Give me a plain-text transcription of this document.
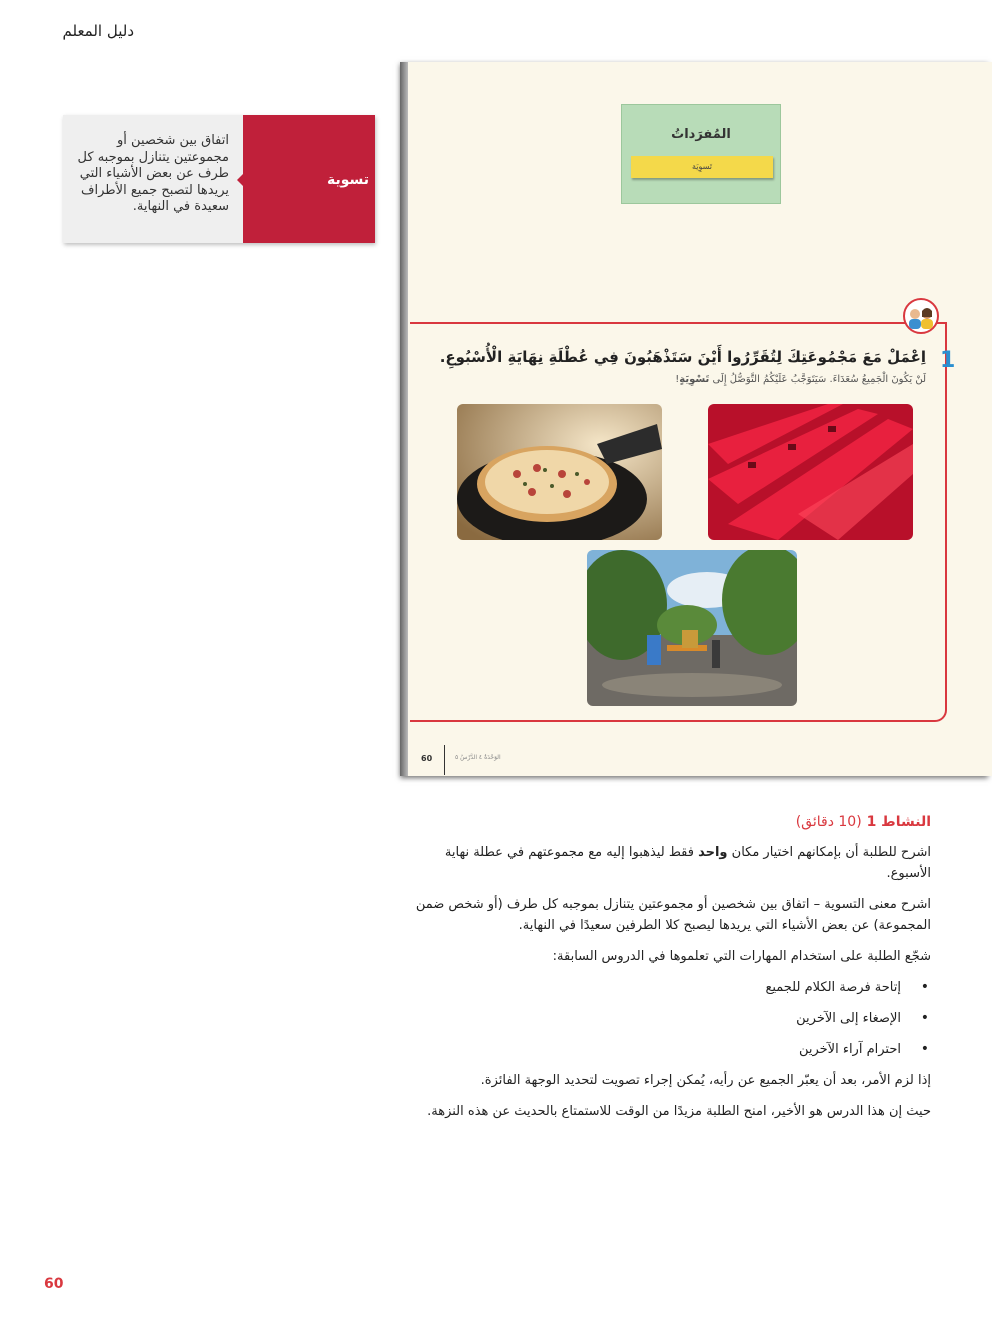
دليل المعلم
اتفاق بين شخصين أو مجموعتين يتنازل بموجبه كل طرف عن بعض الأشياء التي يريدها لتصبح جميع الأطراف سعيدة في النهاية.
تسوية
المُفرَداتُ
تَسوِيَة
1
اِعْمَلْ مَعَ مَجْمُوعَتِكَ لِتُقَرِّرُوا أَيْنَ سَتَذْهَبُونَ فِي عُطْلَةِ نِهَايَةِ الْأُسْبُوعِ.
لَنْ يَكُونَ الْجَمِيعُ سُعَدَاءَ. سَيَتَوَجَّبُ عَلَيْكُمُ التَّوَصُّلُ إِلَى تَسْوِيَةٍ!
60	الوَحْدَةُ ٤ الدَّرْسُ ٥
النشاط 1 (10 دقائق)

اشرح للطلبة أن بإمكانهم اختيار مكان واحد فقط ليذهبوا إليه مع مجموعتهم في عطلة نهاية الأسبوع.

اشرح معنى التسوية – اتفاق بين شخصين أو مجموعتين يتنازل بموجبه كل طرف (أو شخص ضمن المجموعة) عن بعض الأشياء التي يريدها ليصبح كلا الطرفين سعيدًا في النهاية.

شجّع الطلبة على استخدام المهارات التي تعلموها في الدروس السابقة:

• إتاحة فرصة الكلام للجميع
• الإصغاء إلى الآخرين
• احترام آراء الآخرين

إذا لزم الأمر، بعد أن يعبّر الجميع عن رأيه، يُمكن إجراء تصويت لتحديد الوجهة الفائزة.

حيث إن هذا الدرس هو الأخير، امنح الطلبة مزيدًا من الوقت للاستمتاع بالحديث عن هذه النزهة.

60
